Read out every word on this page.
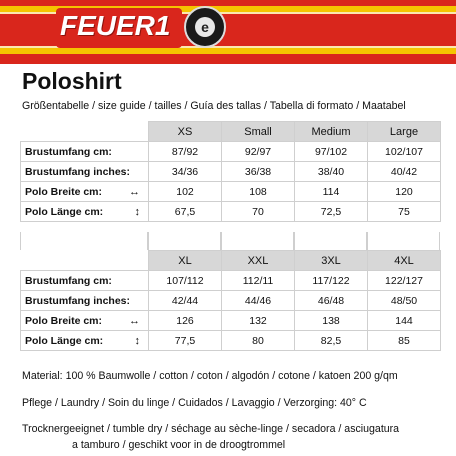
FEUER1	e
Poloshirt
Größentabelle / size guide / tailles / Guía des tallas / Tabella di formato / Maatabel
	XS	Small	Medium	Large
Brustumfang cm:	87/92	92/97	97/102	102/107
Brustumfang inches:	34/36	36/38	38/40	40/42
Polo Breite cm: ↔	102	108	114	120
Polo Länge cm: ↕	67,5	70	72,5	75
	XL	XXL	3XL	4XL
Brustumfang cm:	107/112	112/11	117/122	122/127
Brustumfang inches:	42/44	44/46	46/48	48/50
Polo Breite cm: ↔	126	132	138	144
Polo Länge cm: ↕	77,5	80	82,5	85
Material: 100 % Baumwolle / cotton / coton / algodón / cotone / katoen 200 g/qm
Pflege / Laundry / Soin du linge / Cuidados / Lavaggio / Verzorging: 40° C
Trocknergeeignet / tumble dry / séchage au sèche-linge / secadora / asciugatura
a tamburo / geschikt voor in de droogtrommel
